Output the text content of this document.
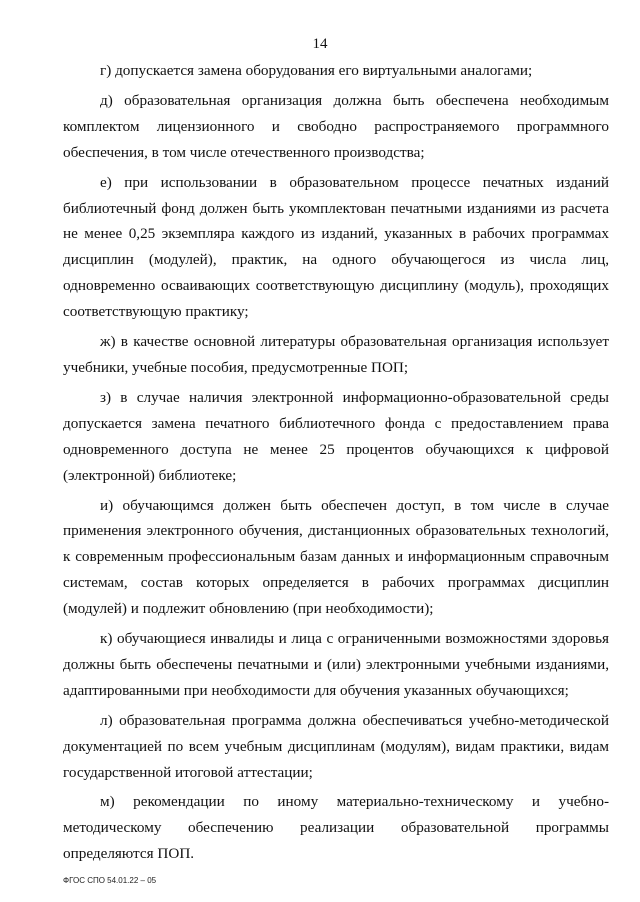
14

г) допускается замена оборудования его виртуальными аналогами;

д) образовательная организация должна быть обеспечена необходимым комплектом лицензионного и свободно распространяемого программного обеспечения, в том числе отечественного производства;

е) при использовании в образовательном процессе печатных изданий библиотечный фонд должен быть укомплектован печатными изданиями из расчета не менее 0,25 экземпляра каждого из изданий, указанных в рабочих программах дисциплин (модулей), практик, на одного обучающегося из числа лиц, одновременно осваивающих соответствующую дисциплину (модуль), проходящих соответствующую практику;

ж) в качестве основной литературы образовательная организация использует учебники, учебные пособия, предусмотренные ПОП;

з) в случае наличия электронной информационно-образовательной среды допускается замена печатного библиотечного фонда с предоставлением права одновременного доступа не менее 25 процентов обучающихся к цифровой (электронной) библиотеке;

и) обучающимся должен быть обеспечен доступ, в том числе в случае применения электронного обучения, дистанционных образовательных технологий, к современным профессиональным базам данных и информационным справочным системам, состав которых определяется в рабочих программах дисциплин (модулей) и подлежит обновлению (при необходимости);

к) обучающиеся инвалиды и лица с ограниченными возможностями здоровья должны быть обеспечены печатными и (или) электронными учебными изданиями, адаптированными при необходимости для обучения указанных обучающихся;

л) образовательная программа должна обеспечиваться учебно-методической документацией по всем учебным дисциплинам (модулям), видам практики, видам государственной итоговой аттестации;

м) рекомендации по иному материально-техническому и учебно-методическому обеспечению реализации образовательной программы определяются ПОП.

ФГОС СПО 54.01.22 – 05
